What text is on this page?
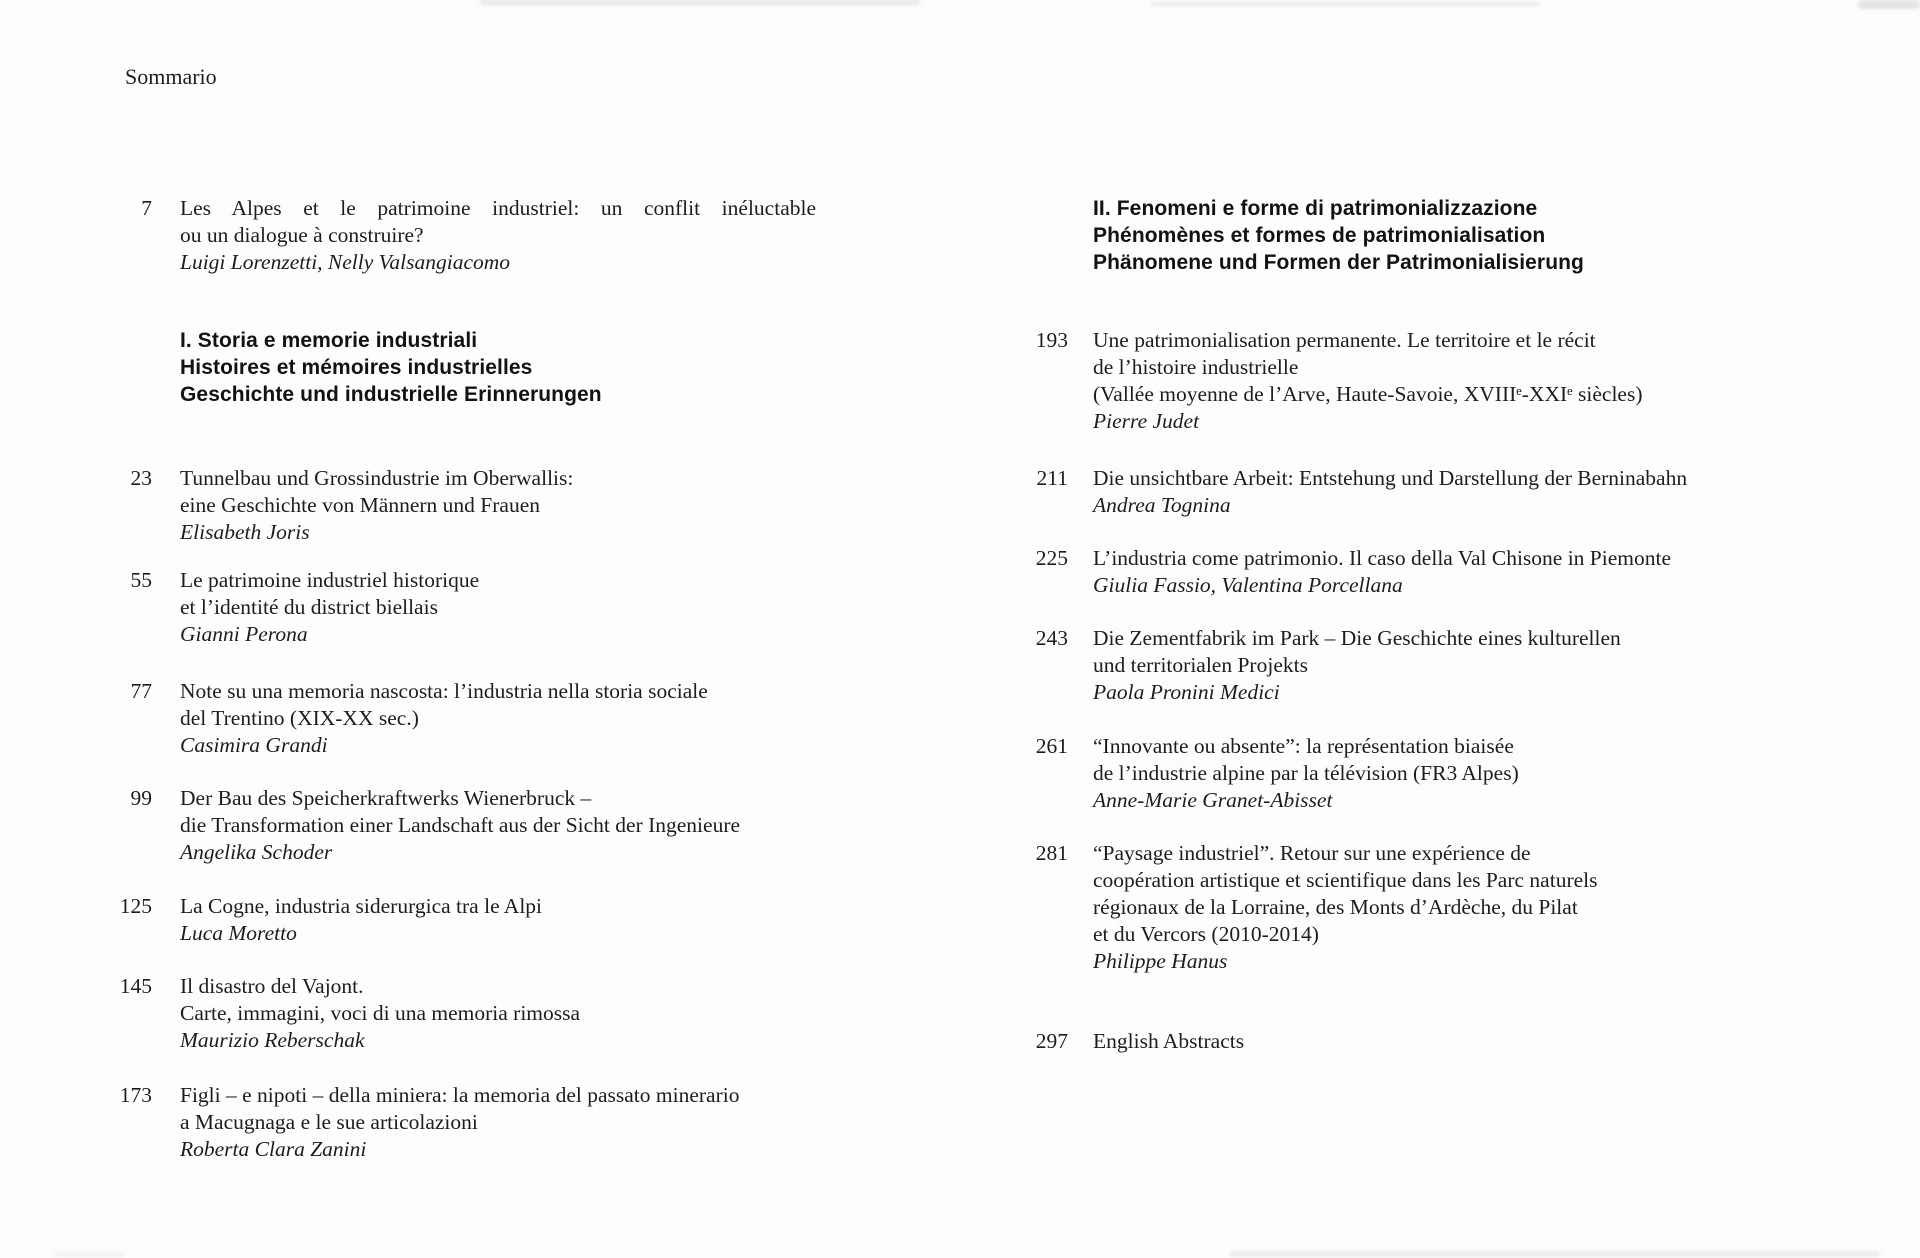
Sommario
7 Les Alpes et le patrimoine industriel: un conflit inéluctable
ou un dialogue à construire?
Luigi Lorenzetti, Nelly Valsangiacomo
I. Storia e memorie industriali
Histoires et mémoires industrielles
Geschichte und industrielle Erinnerungen
23 Tunnelbau und Grossindustrie im Oberwallis:
eine Geschichte von Männern und Frauen
Elisabeth Joris
55 Le patrimoine industriel historique
et l’identité du district biellais
Gianni Perona
77 Note su una memoria nascosta: l’industria nella storia sociale
del Trentino (XIX-XX sec.)
Casimira Grandi
99 Der Bau des Speicherkraftwerks Wienerbruck –
die Transformation einer Landschaft aus der Sicht der Ingenieure
Angelika Schoder
125 La Cogne, industria siderurgica tra le Alpi
Luca Moretto
145 Il disastro del Vajont.
Carte, immagini, voci di una memoria rimossa
Maurizio Reberschak
173 Figli – e nipoti – della miniera: la memoria del passato minerario
a Macugnaga e le sue articolazioni
Roberta Clara Zanini
II. Fenomeni e forme di patrimonializzazione
Phénomènes et formes de patrimonialisation
Phänomene und Formen der Patrimonialisierung
193 Une patrimonialisation permanente. Le territoire et le récit
de l’histoire industrielle
(Vallée moyenne de l’Arve, Haute-Savoie, XVIIIᵉ-XXIᵉ siècles)
Pierre Judet
211 Die unsichtbare Arbeit: Entstehung und Darstellung der Berninabahn
Andrea Tognina
225 L’industria come patrimonio. Il caso della Val Chisone in Piemonte
Giulia Fassio, Valentina Porcellana
243 Die Zementfabrik im Park – Die Geschichte eines kulturellen
und territorialen Projekts
Paola Pronini Medici
261 “Innovante ou absente”: la représentation biaisée
de l’industrie alpine par la télévision (FR3 Alpes)
Anne-Marie Granet-Abisset
281 “Paysage industriel”. Retour sur une expérience de
coopération artistique et scientifique dans les Parc naturels
régionaux de la Lorraine, des Monts d’Ardèche, du Pilat
et du Vercors (2010-2014)
Philippe Hanus
297 English Abstracts
